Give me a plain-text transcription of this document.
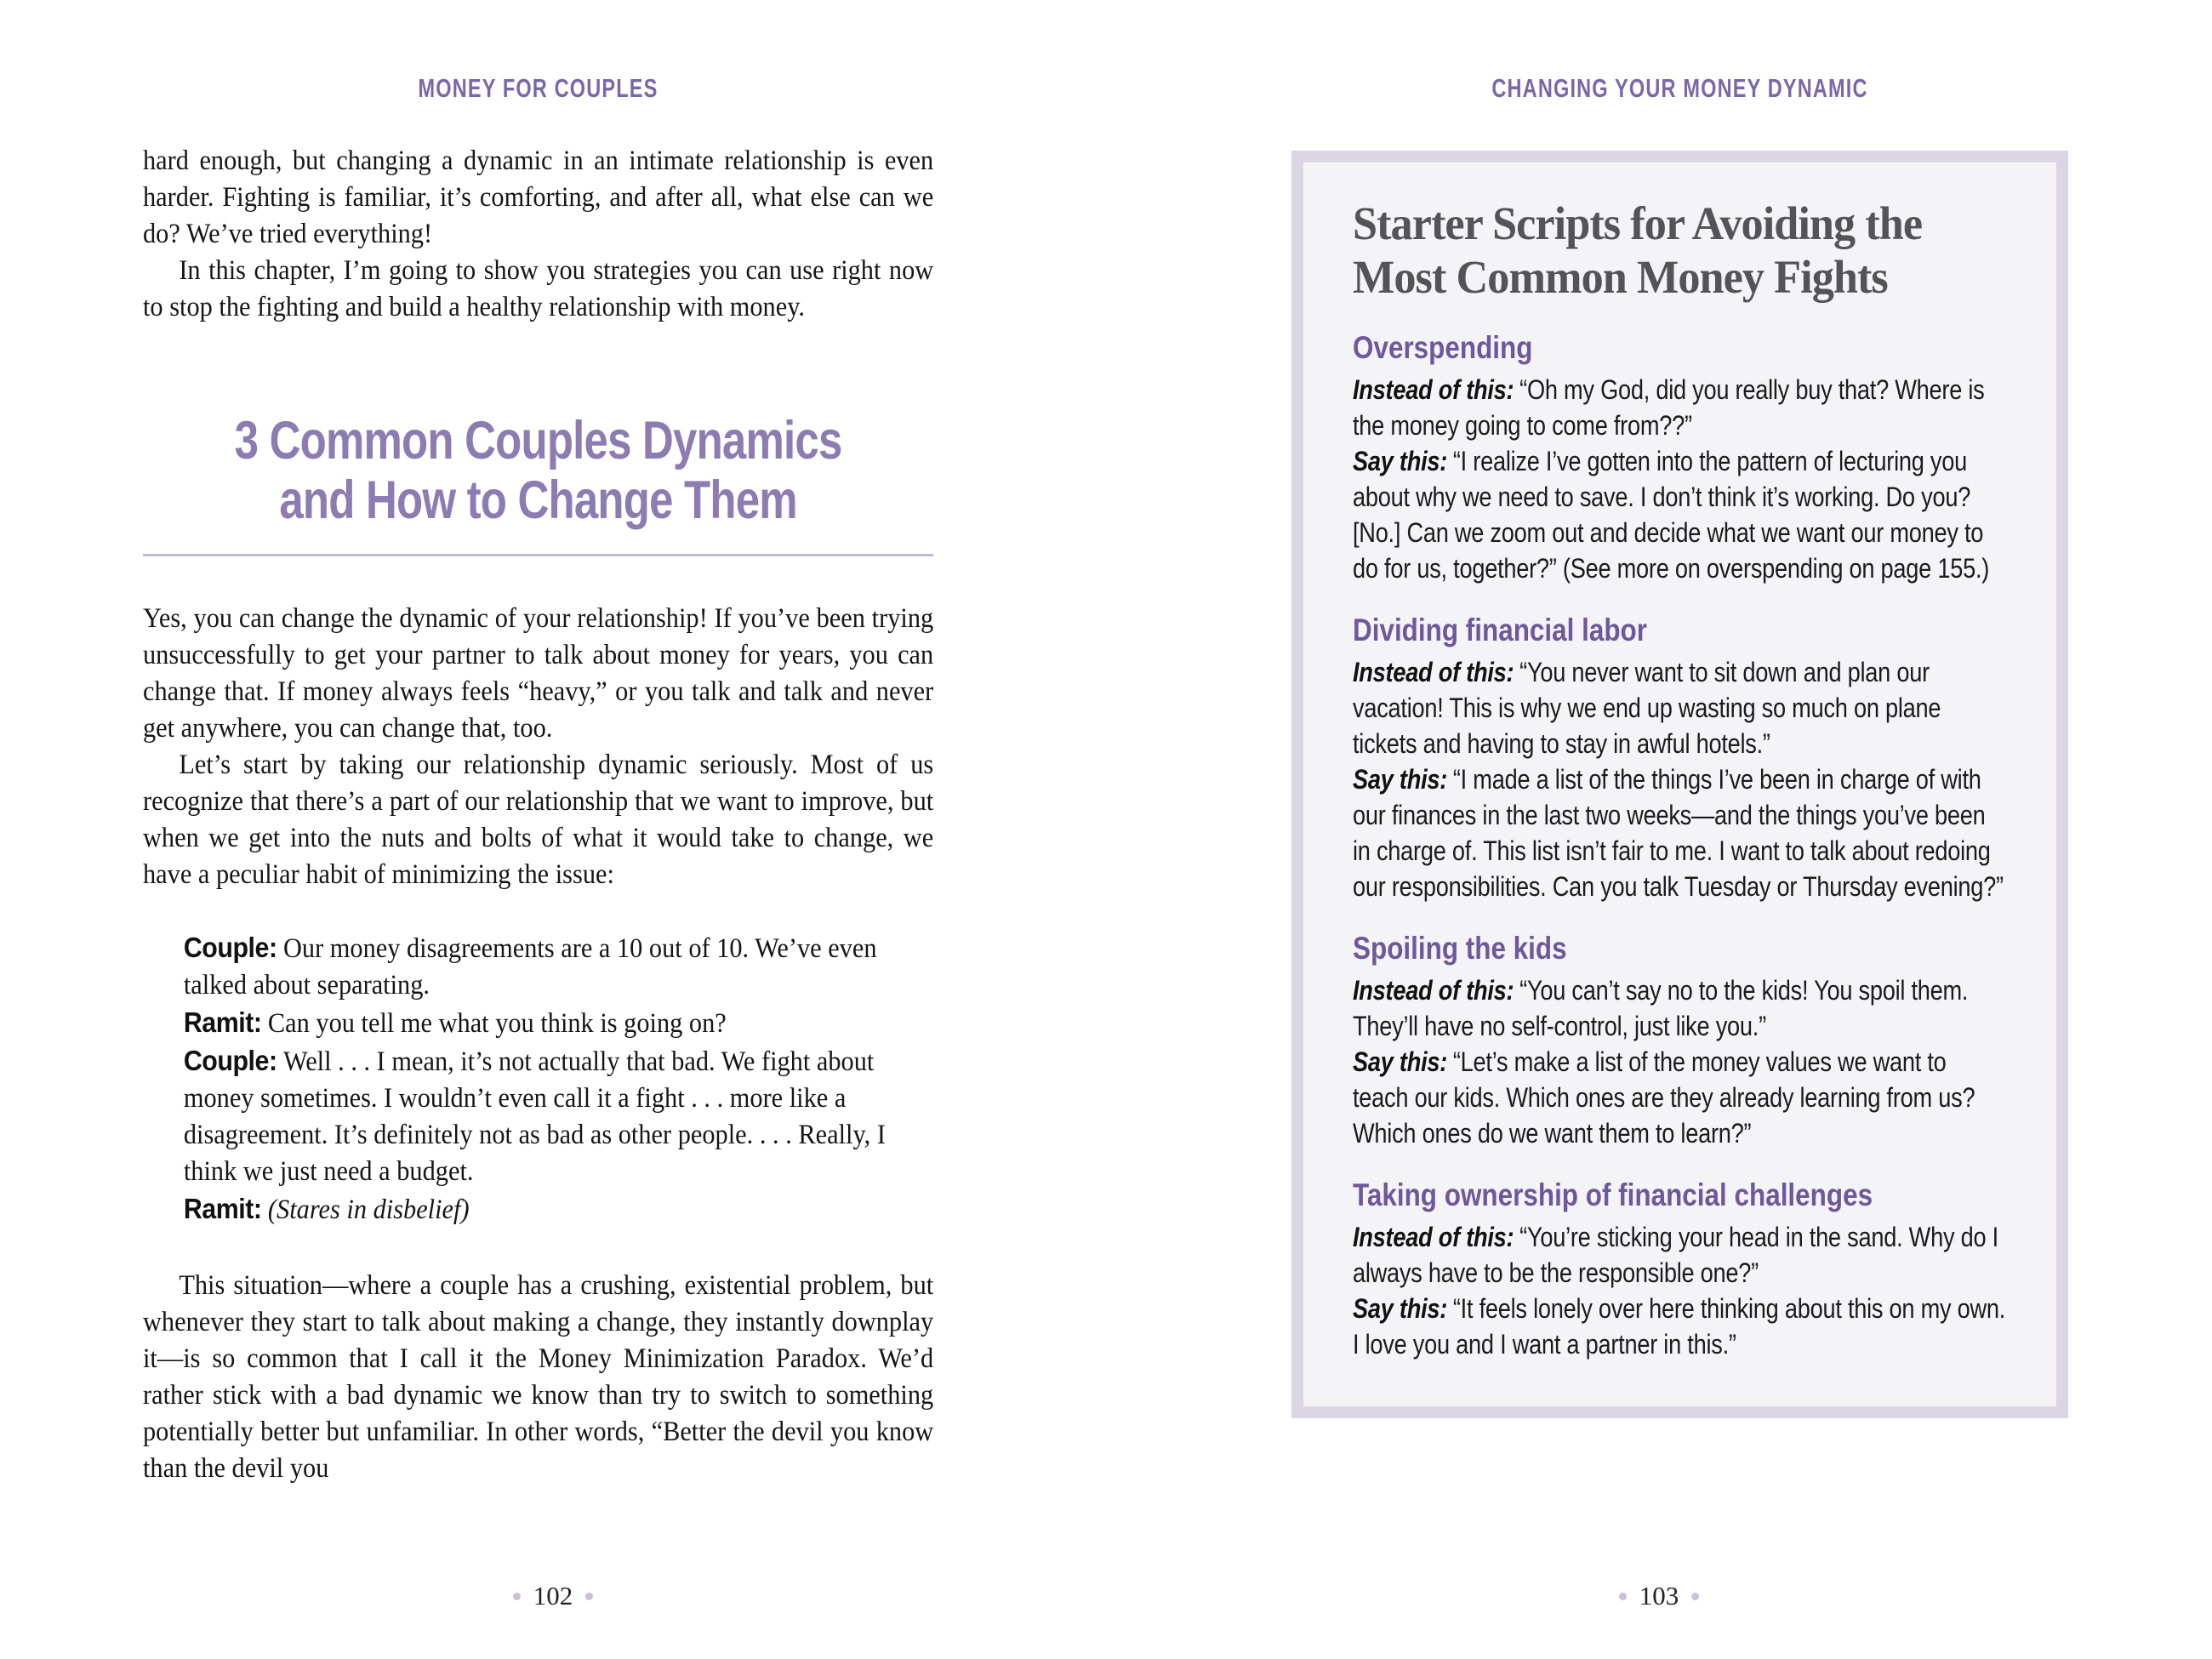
MONEY FOR COUPLES

hard enough, but changing a dynamic in an intimate relationship is even harder. Fighting is familiar, it’s comforting, and after all, what else can we do? We’ve tried everything!

In this chapter, I’m going to show you strategies you can use right now to stop the fighting and build a healthy relationship with money.

3 Common Couples Dynamics
and How to Change Them

Yes, you can change the dynamic of your relationship! If you’ve been trying unsuccessfully to get your partner to talk about money for years, you can change that. If money always feels “heavy,” or you talk and talk and never get anywhere, you can change that, too.

Let’s start by taking our relationship dynamic seriously. Most of us recognize that there’s a part of our relationship that we want to improve, but when we get into the nuts and bolts of what it would take to change, we have a peculiar habit of minimizing the issue:

Couple: Our money disagreements are a 10 out of 10. We’ve even talked about separating.

Ramit: Can you tell me what you think is going on?

Couple: Well . . . I mean, it’s not actually that bad. We fight about money sometimes. I wouldn’t even call it a fight . . . more like a disagreement. It’s definitely not as bad as other people. . . . Really, I think we just need a budget.

Ramit: (Stares in disbelief)

This situation—where a couple has a crushing, existential problem, but whenever they start to talk about making a change, they instantly downplay it—is so common that I call it the Money Minimization Paradox. We’d rather stick with a bad dynamic we know than try to switch to something potentially better but unfamiliar. In other words, “Better the devil you know than the devil you

102
CHANGING YOUR MONEY DYNAMIC
Starter Scripts for Avoiding the
Most Common Money Fights
Overspending

Instead of this: “Oh my God, did you really buy that? Where is the money going to come from??”

Say this: “I realize I’ve gotten into the pattern of lecturing you about why we need to save. I don’t think it’s working. Do you? [No.] Can we zoom out and decide what we want our money to do for us, together?” (See more on overspending on page 155.)

Dividing financial labor

Instead of this: “You never want to sit down and plan our vacation! This is why we end up wasting so much on plane tickets and having to stay in awful hotels.”

Say this: “I made a list of the things I’ve been in charge of with our finances in the last two weeks—and the things you’ve been in charge of. This list isn’t fair to me. I want to talk about redoing our responsibilities. Can you talk Tuesday or Thursday evening?”

Spoiling the kids

Instead of this: “You can’t say no to the kids! You spoil them. They’ll have no self-control, just like you.”

Say this: “Let’s make a list of the money values we want to teach our kids. Which ones are they already learning from us? Which ones do we want them to learn?”

Taking ownership of financial challenges

Instead of this: “You’re sticking your head in the sand. Why do I always have to be the responsible one?”

Say this: “It feels lonely over here thinking about this on my own. I love you and I want a partner in this.”

103
